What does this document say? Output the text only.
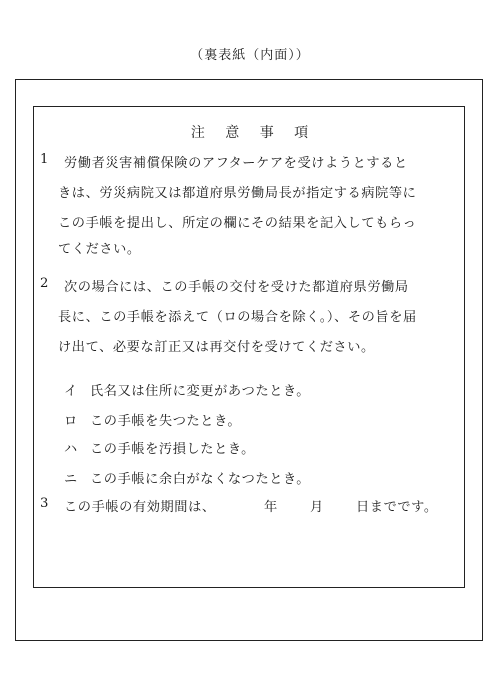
（裏表紙（内面））
注 意 事 項
1 労働者災害補償保険のアフターケアを受けようとすると
きは、労災病院又は都道府県労働局長が指定する病院等に
この手帳を提出し、所定の欄にその結果を記入してもらっ
てください。
2 次の場合には、この手帳の交付を受けた都道府県労働局
長に、この手帳を添えて（ロの場合を除く。）、その旨を届
け出て、必要な訂正又は再交付を受けてください。
イ 氏名又は住所に変更があつたとき。
ロ この手帳を失つたとき。
ハ この手帳を汚損したとき。
ニ この手帳に余白がなくなつたとき。
3 この手帳の有効期間は、	年 月 日までです。
